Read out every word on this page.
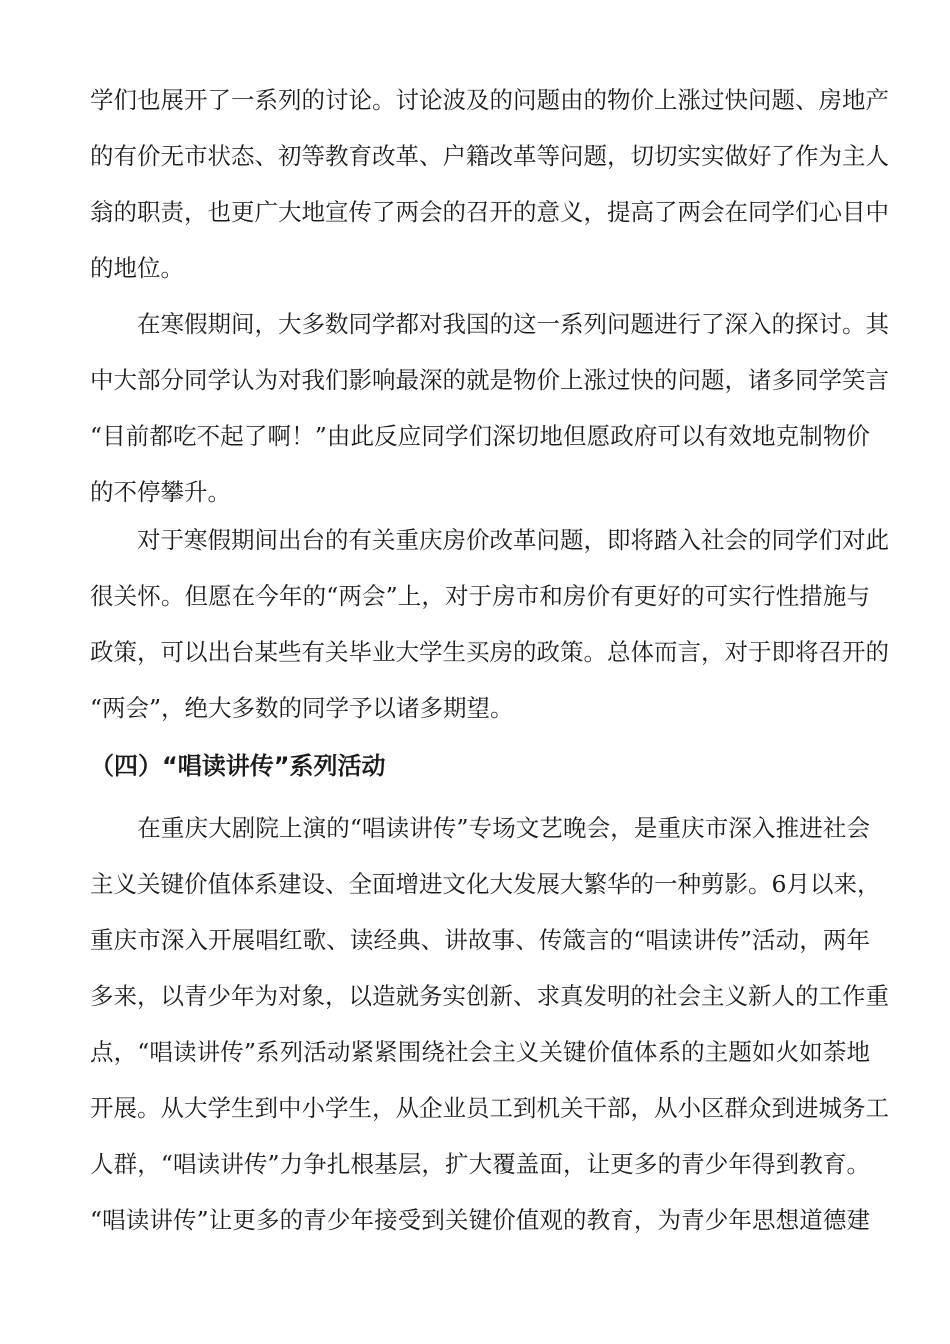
学们也展开了一系列的讨论。讨论波及的问题由的物价上涨过快问题、房地产
的有价无市状态、初等教育改革、户籍改革等问题，切切实实做好了作为主人
翁的职责，也更广大地宣传了两会的召开的意义，提高了两会在同学们心目中
的地位。
　　在寒假期间，大多数同学都对我国的这一系列问题进行了深入的探讨。其
中大部分同学认为对我们影响最深的就是物价上涨过快的问题，诸多同学笑言
“目前都吃不起了啊！”由此反应同学们深切地但愿政府可以有效地克制物价
的不停攀升。
　　对于寒假期间出台的有关重庆房价改革问题，即将踏入社会的同学们对此
很关怀。但愿在今年的“两会”上，对于房市和房价有更好的可实行性措施与
政策，可以出台某些有关毕业大学生买房的政策。总体而言，对于即将召开的
“两会”，绝大多数的同学予以诸多期望。
（四）“唱读讲传”系列活动
　　在重庆大剧院上演的“唱读讲传”专场文艺晚会，是重庆市深入推进社会
主义关键价值体系建设、全面增进文化大发展大繁华的一种剪影。6月以来，
重庆市深入开展唱红歌、读经典、讲故事、传箴言的“唱读讲传”活动，两年
多来，以青少年为对象，以造就务实创新、求真发明的社会主义新人的工作重
点，“唱读讲传”系列活动紧紧围绕社会主义关键价值体系的主题如火如荼地
开展。从大学生到中小学生，从企业员工到机关干部，从小区群众到进城务工
人群，“唱读讲传”力争扎根基层，扩大覆盖面，让更多的青少年得到教育。
“唱读讲传”让更多的青少年接受到关键价值观的教育，为青少年思想道德建
